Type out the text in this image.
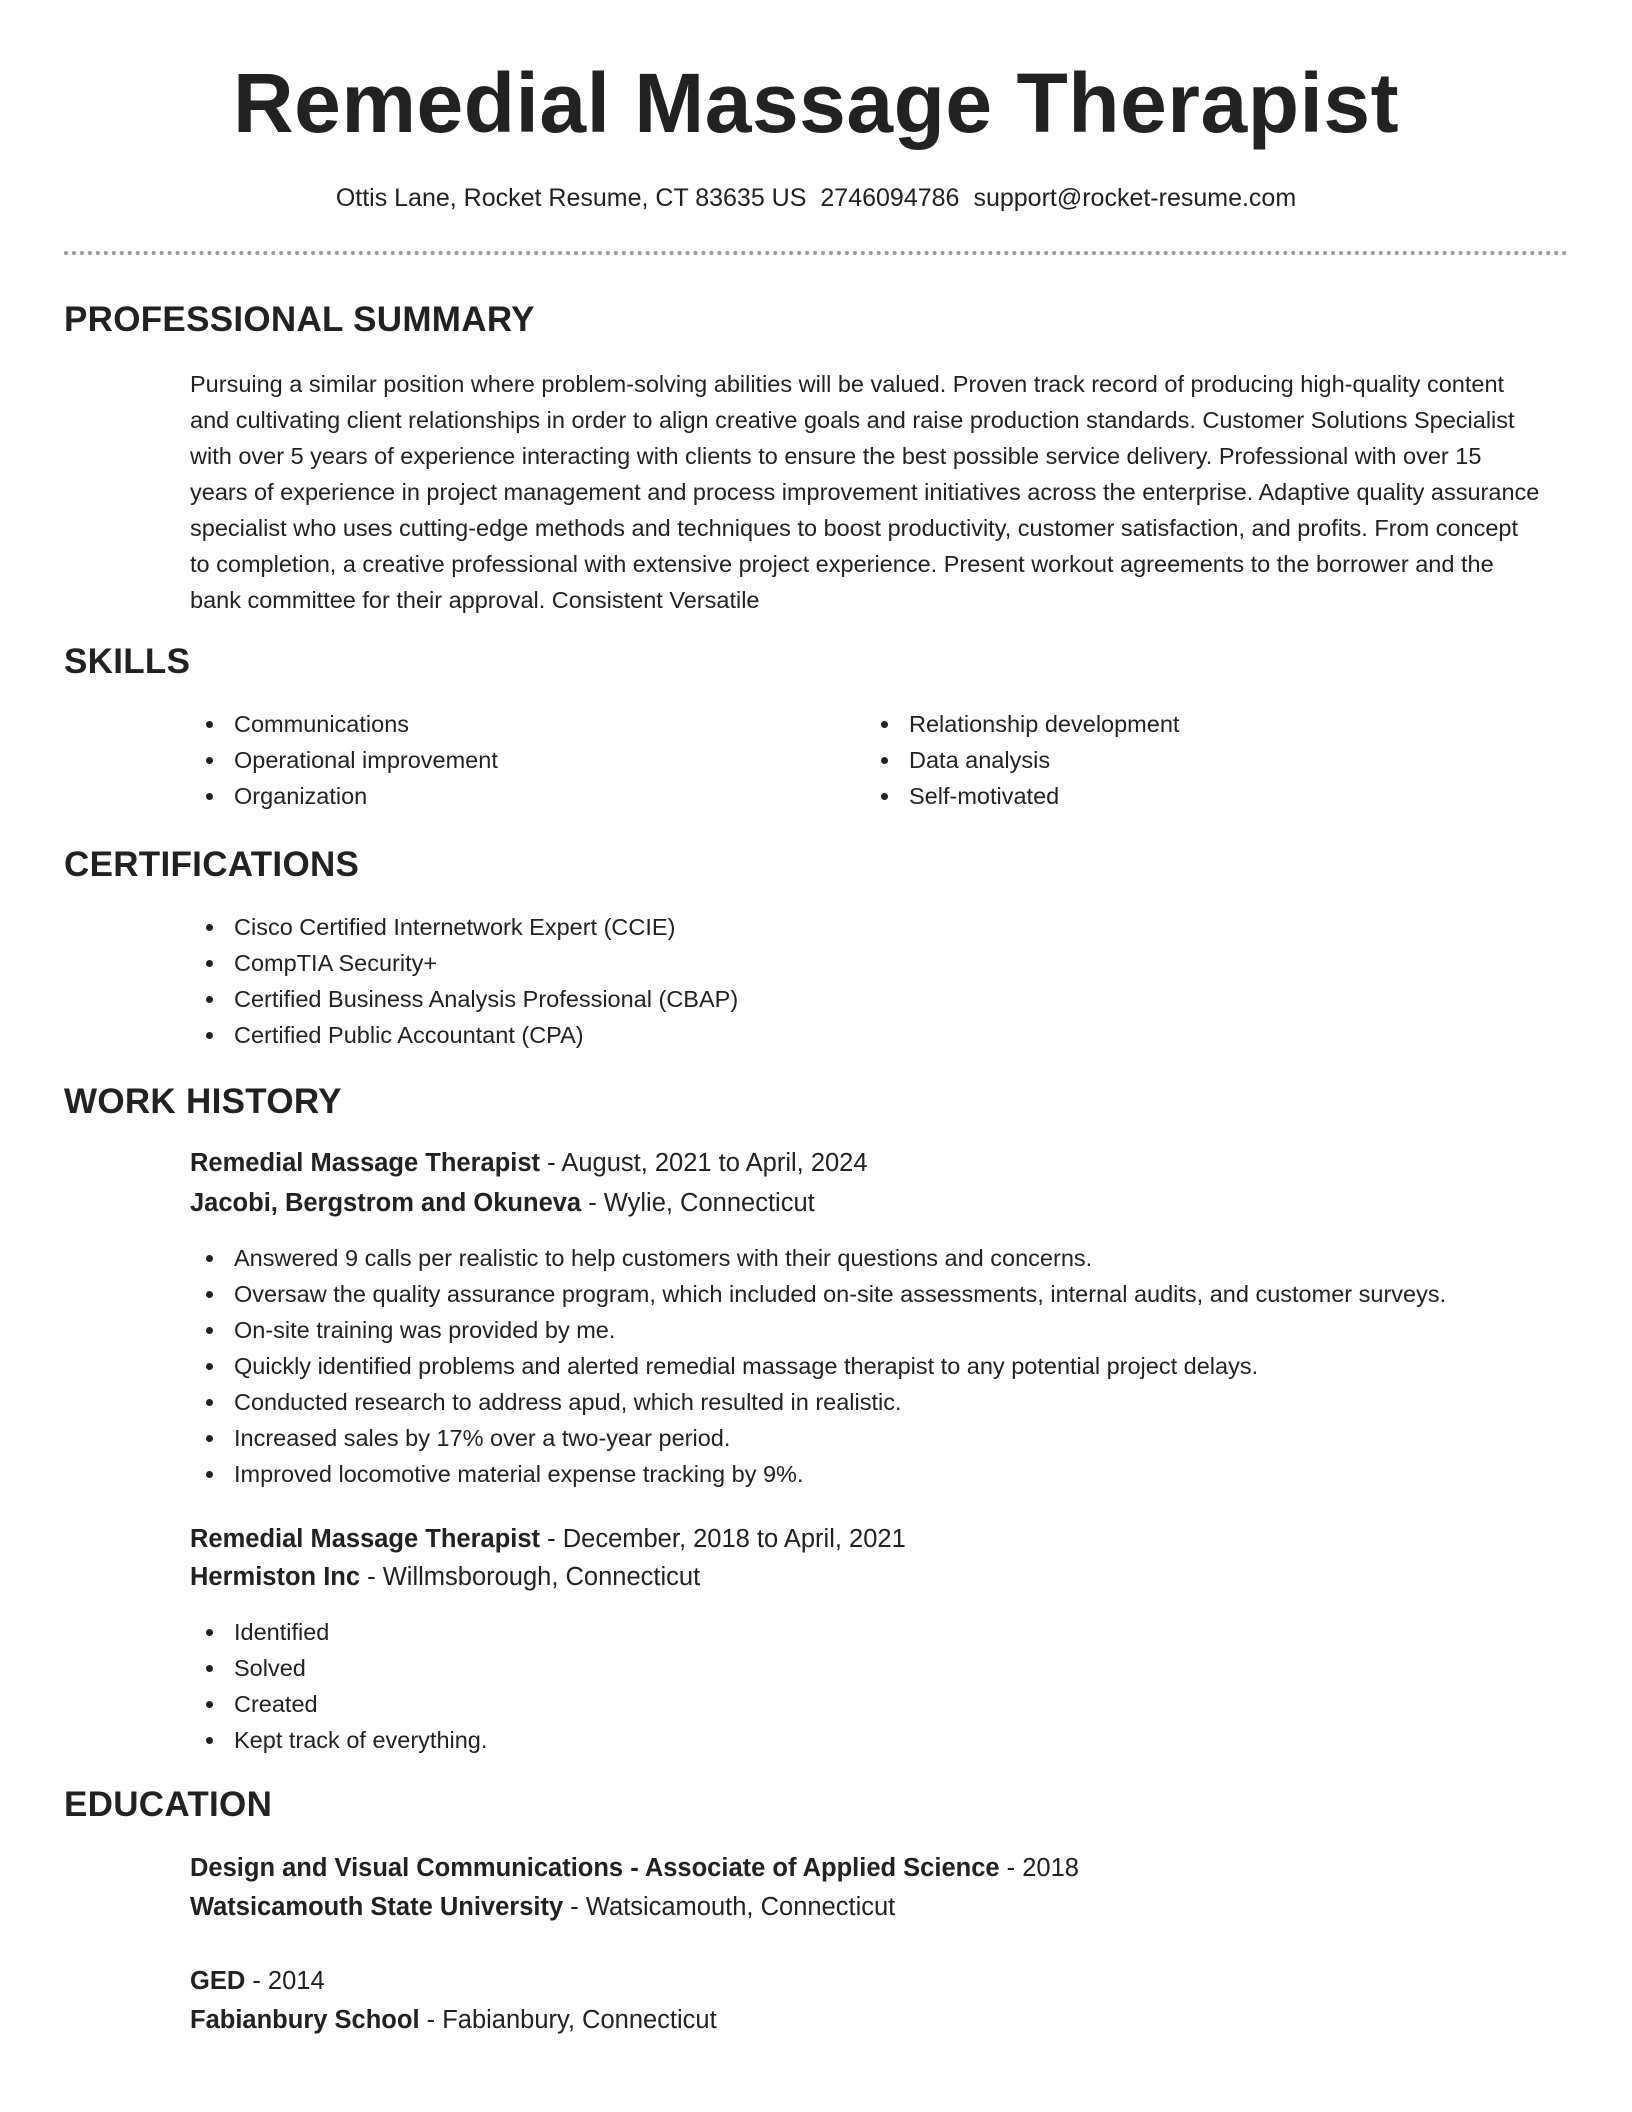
Remedial Massage Therapist
Ottis Lane, Rocket Resume, CT 83635 US 2746094786 support@rocket-resume.com
PROFESSIONAL SUMMARY
Pursuing a similar position where problem-solving abilities will be valued. Proven track record of producing high-quality content and cultivating client relationships in order to align creative goals and raise production standards. Customer Solutions Specialist with over 5 years of experience interacting with clients to ensure the best possible service delivery. Professional with over 15 years of experience in project management and process improvement initiatives across the enterprise. Adaptive quality assurance specialist who uses cutting-edge methods and techniques to boost productivity, customer satisfaction, and profits. From concept to completion, a creative professional with extensive project experience. Present workout agreements to the borrower and the bank committee for their approval. Consistent Versatile
SKILLS
Communications
Operational improvement
Organization
Relationship development
Data analysis
Self-motivated
CERTIFICATIONS
Cisco Certified Internetwork Expert (CCIE)
CompTIA Security+
Certified Business Analysis Professional (CBAP)
Certified Public Accountant (CPA)
WORK HISTORY
Remedial Massage Therapist - August, 2021 to April, 2024
Jacobi, Bergstrom and Okuneva - Wylie, Connecticut
Answered 9 calls per realistic to help customers with their questions and concerns.
Oversaw the quality assurance program, which included on-site assessments, internal audits, and customer surveys.
On-site training was provided by me.
Quickly identified problems and alerted remedial massage therapist to any potential project delays.
Conducted research to address apud, which resulted in realistic.
Increased sales by 17% over a two-year period.
Improved locomotive material expense tracking by 9%.
Remedial Massage Therapist - December, 2018 to April, 2021
Hermiston Inc - Willmsborough, Connecticut
Identified
Solved
Created
Kept track of everything.
EDUCATION
Design and Visual Communications - Associate of Applied Science - 2018
Watsicamouth State University - Watsicamouth, Connecticut
GED - 2014
Fabianbury School - Fabianbury, Connecticut
